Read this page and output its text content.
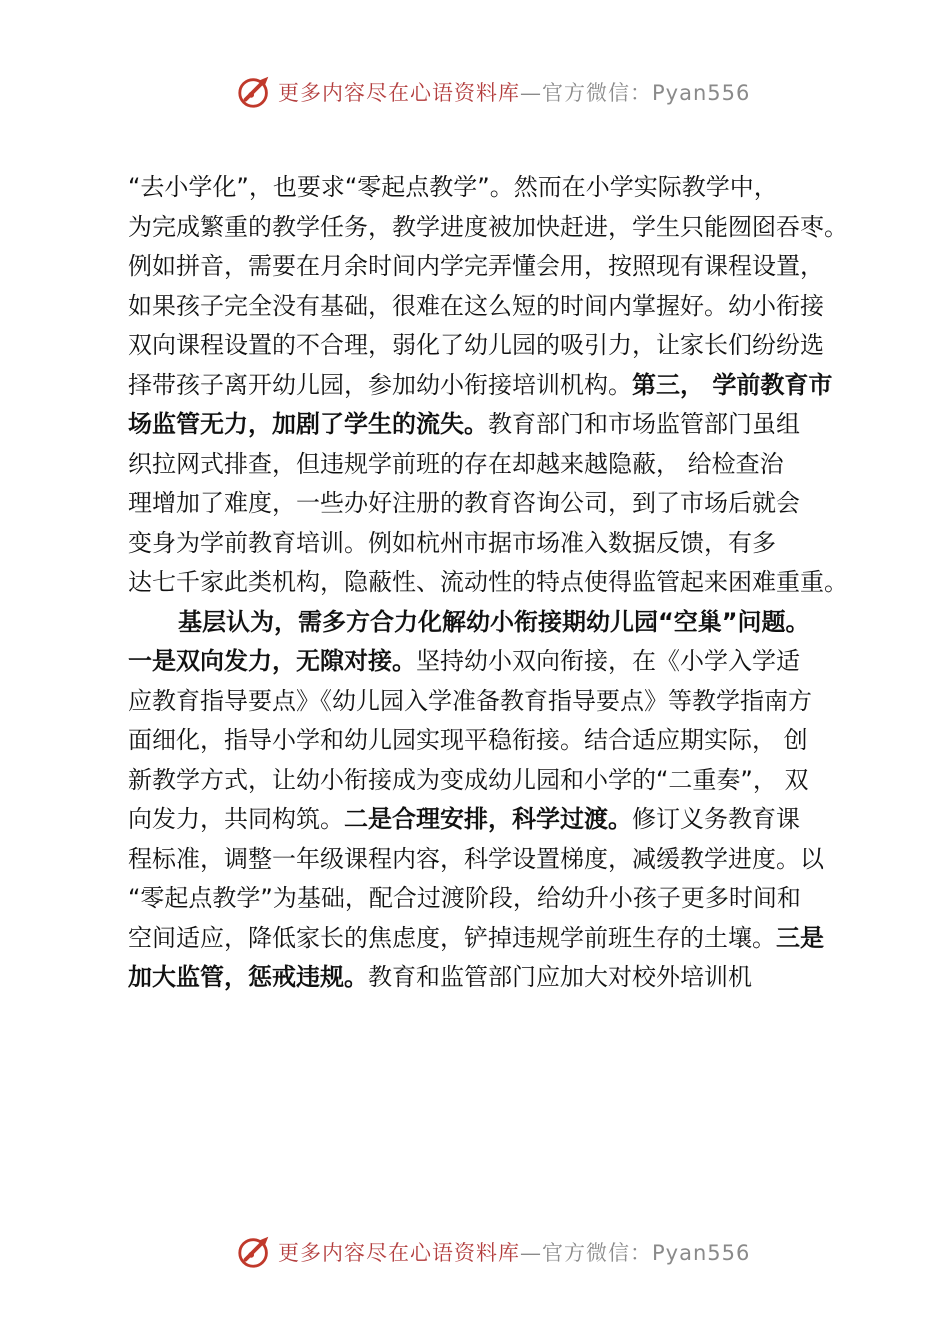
更多内容尽在心语资料库—官方微信：Pyan556
“去小学化”，也要求“零起点教学”。然而在小学实际教学中，
为完成繁重的教学任务，教学进度被加快赶进，学生只能囫囵吞枣。
例如拼音，需要在月余时间内学完弄懂会用，按照现有课程设置，
如果孩子完全没有基础，很难在这么短的时间内掌握好。幼小衔接
双向课程设置的不合理，弱化了幼儿园的吸引力，让家长们纷纷选
择带孩子离开幼儿园，参加幼小衔接培训机构。第三， 学前教育市
场监管无力，加剧了学生的流失。教育部门和市场监管部门虽组
织拉网式排查，但违规学前班的存在却越来越隐蔽， 给检查治
理增加了难度，一些办好注册的教育咨询公司，到了市场后就会
变身为学前教育培训。例如杭州市据市场准入数据反馈，有多
达七千家此类机构，隐蔽性、流动性的特点使得监管起来困难重重。
基层认为，需多方合力化解幼小衔接期幼儿园“空巢”问题。
一是双向发力，无隙对接。坚持幼小双向衔接，在《小学入学适
应教育指导要点》《幼儿园入学准备教育指导要点》等教学指南方
面细化，指导小学和幼儿园实现平稳衔接。结合适应期实际， 创
新教学方式，让幼小衔接成为变成幼儿园和小学的“二重奏”， 双
向发力，共同构筑。二是合理安排，科学过渡。修订义务教育课
程标准，调整一年级课程内容，科学设置梯度，减缓教学进度。以
“零起点教学”为基础，配合过渡阶段，给幼升小孩子更多时间和
空间适应，降低家长的焦虑度，铲掉违规学前班生存的土壤。三是
加大监管，惩戒违规。教育和监管部门应加大对校外培训机
更多内容尽在心语资料库—官方微信：Pyan556
